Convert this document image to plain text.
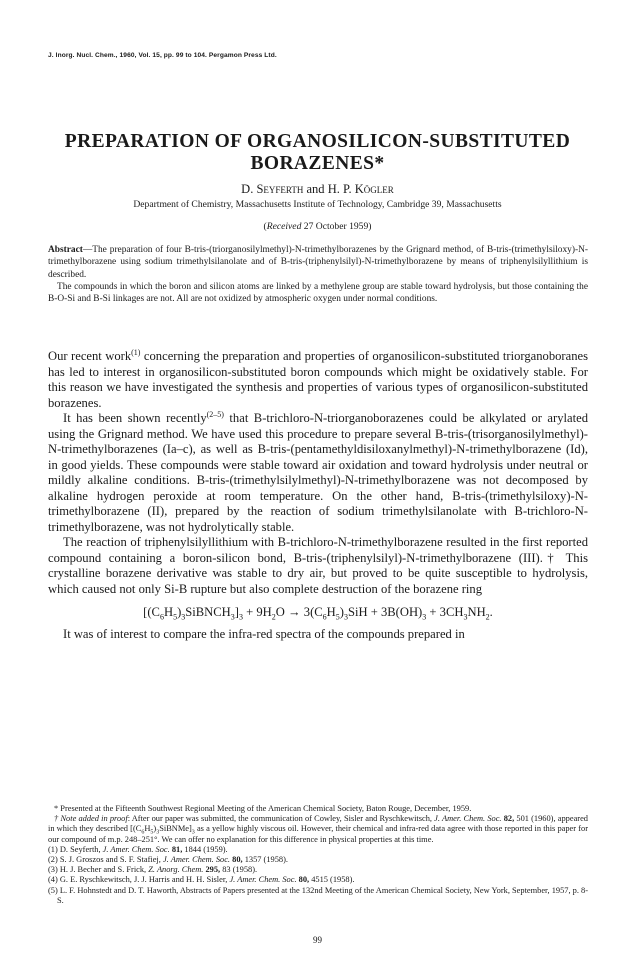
J. Inorg. Nucl. Chem., 1960, Vol. 15, pp. 99 to 104. Pergamon Press Ltd.
PREPARATION OF ORGANOSILICON-SUBSTITUTED
BORAZENES*
D. Seyferth and H. P. Kögler
Department of Chemistry, Massachusetts Institute of Technology, Cambridge 39, Massachusetts
(Received 27 October 1959)

Abstract—The preparation of four B-tris-(triorganosilylmethyl)-N-trimethylborazenes by the Grignard method, of B-tris-(trimethylsiloxy)-N-trimethylborazene using sodium trimethylsilanolate and of B-tris-(triphenylsilyl)-N-trimethylborazene by means of triphenylsilyllithium is described.

The compounds in which the boron and silicon atoms are linked by a methylene group are stable toward hydrolysis, but those containing the B-O-Si and B-Si linkages are not. All are not oxidized by atmospheric oxygen under normal conditions.

Our recent work$^{(1)}$ concerning the preparation and properties of organosilicon-substituted triorganoboranes has led to interest in organosilicon-substituted boron compounds which might be oxidatively stable. For this reason we have investigated the synthesis and properties of various types of organosilicon-substituted borazenes.

It has been shown recently$^{(2-5)}$ that B-trichloro-N-triorganoborazenes could be alkylated or arylated using the Grignard method. We have used this procedure to prepare several B-tris-(trisorganosilylmethyl)-N-trimethylborazenes (Ia–c), as well as B-tris-(pentamethyldisiloxanylmethyl)-N-trimethylborazene (Id), in good yields. These compounds were stable toward air oxidation and toward hydrolysis under neutral or mildly alkaline conditions. B-tris-(trimethylsilylmethyl)-N-trimethylborazene was not decomposed by alkaline hydrogen peroxide at room temperature. On the other hand, B-tris-(trimethylsiloxy)-N-trimethylborazene (II), prepared by the reaction of sodium trimethylsilanolate with B-trichloro-N-trimethylborazene, was not hydrolytically stable.

The reaction of triphenylsilyllithium with B-trichloro-N-trimethylborazene resulted in the first reported compound containing a boron-silicon bond, B-tris-(triphenylsilyl)-N-trimethylborazene (III).† This crystalline borazene derivative was stable to dry air, but proved to be quite susceptible to hydrolysis, which caused not only Si-B rupture but also complete destruction of the borazene ring

$[(C_6H_5)_3SiBNCH_3]_3 + 9H_2O \to 3(C_6H_5)_3SiH + 3B(OH)_3 + 3CH_3NH_2$.

It was of interest to compare the infra-red spectra of the compounds prepared in

* Presented at the Fifteenth Southwest Regional Meeting of the American Chemical Society, Baton Rouge, December, 1959.

† Note added in proof: After our paper was submitted, the communication of Cowley, Sisler and Ryschkewitsch, J. Amer. Chem. Soc. 82, 501 (1960), appeared in which they described $[(C_6H_5)_3SiBNMe]_3$ as a yellow highly viscous oil. However, their chemical and infra-red data agree with those reported in this paper for our compound of m.p. 248–251°. We can offer no explanation for this difference in physical properties at this time.

(1) D. Seyferth, J. Amer. Chem. Soc. 81, 1844 (1959).

(2) S. J. Groszos and S. F. Stafiej, J. Amer. Chem. Soc. 80, 1357 (1958).

(3) H. J. Becher and S. Frick, Z. Anorg. Chem. 295, 83 (1958).

(4) G. E. Ryschkewitsch, J. J. Harris and H. H. Sisler, J. Amer. Chem. Soc. 80, 4515 (1958).

(5) L. F. Hohnstedt and D. T. Haworth, Abstracts of Papers presented at the 132nd Meeting of the American Chemical Society, New York, September, 1957, p. 8-S.

99
